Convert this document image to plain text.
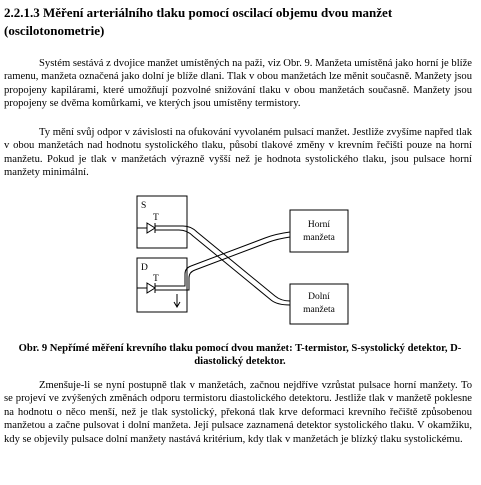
2.2.1.3 Měření arteriálního tlaku pomocí oscilací objemu dvou manžet (oscilotonometrie)
Systém sestává z dvojice manžet umístěných na paži, viz Obr. 9. Manžeta umístěná jako horní je blíže ramenu, manžeta označená jako dolní je blíže dlani. Tlak v obou manžetách lze měnit současně. Manžety jsou propojeny kapilárami, které umožňují pozvolné snižování tlaku v obou manžetách současně. Manžety jsou propojeny se dvěma komůrkami, ve kterých jsou umístěny termistory.
Ty mění svůj odpor v závislosti na ofukování vyvolaném pulsací manžet. Jestliže zvyšíme napřed tlak v obou manžetách nad hodnotu systolického tlaku, působí tlakové změny v krevním řečišti pouze na horní manžetu. Pokud je tlak v manžetách výrazně vyšší než je hodnota systolického tlaku, jsou pulsace horní manžety minimální.
S
T
D
T
Horní
manžeta
Dolní
manžeta
Obr. 9 Nepřímé měření krevního tlaku pomocí dvou manžet: T-termistor, S-systolický detektor, D-diastolický detektor.
Zmenšuje-li se nyní postupně tlak v manžetách, začnou nejdříve vzrůstat pulsace horní manžety. To se projeví ve zvýšených změnách odporu termistoru diastolického detektoru. Jestliže tlak v manžetě poklesne na hodnotu o něco menší, než je tlak systolický, překoná tlak krve deformaci krevního řečiště způsobenou manžetou a začne pulsovat i dolní manžeta. Její pulsace zaznamená detektor systolického tlaku. V okamžiku, kdy se objevily pulsace dolní manžety nastává kritérium, kdy tlak v manžetách je blízký tlaku systolickému.
